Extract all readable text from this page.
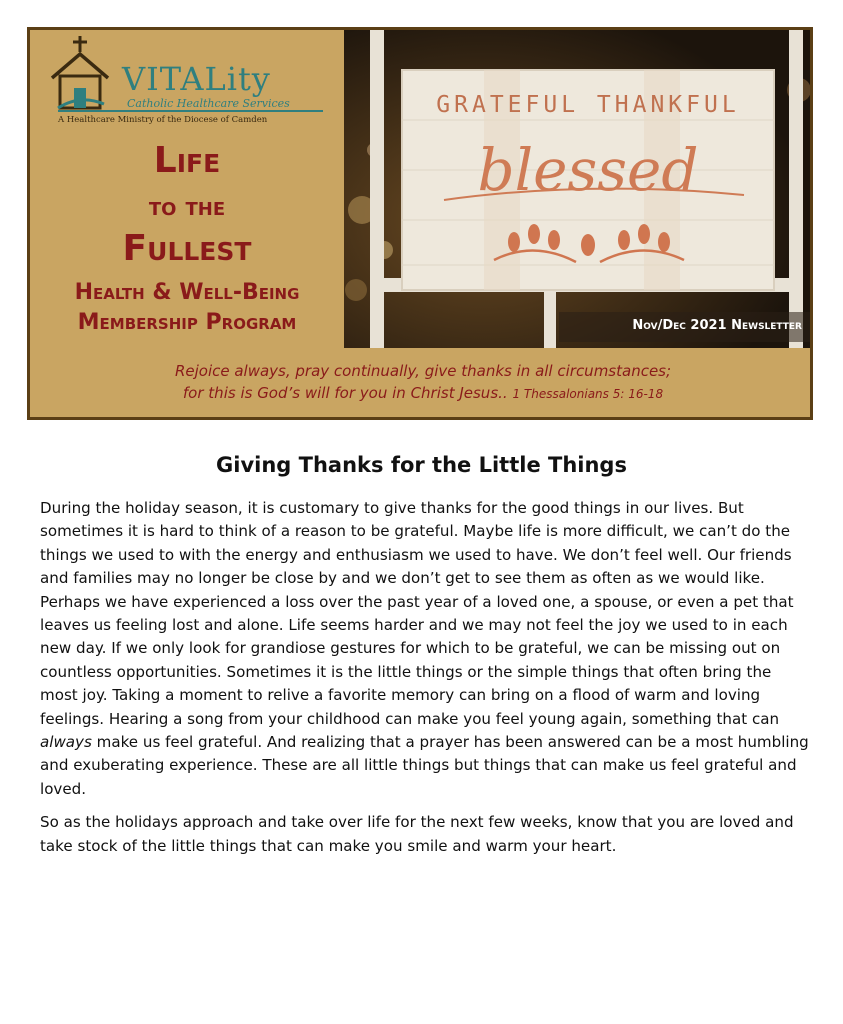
VITALity
Catholic Healthcare Services
A Healthcare Ministry of the Diocese of Camden
Life
to the
Fullest
Health & Well-Being
Membership Program
GRATEFUL THANKFUL
blessed
Nov/Dec 2021 Newsletter
Rejoice always, pray continually, give thanks in all circumstances;
for this is God’s will for you in Christ Jesus.. 1 Thessalonians 5: 16-18
Giving Thanks for the Little Things

During the holiday season, it is customary to give thanks for the good things in our lives. But sometimes it is hard to think of a reason to be grateful. Maybe life is more difficult, we can’t do the things we used to with the energy and enthusiasm we used to have. We don’t feel well. Our friends and families may no longer be close by and we don’t get to see them as often as we would like. Perhaps we have experienced a loss over the past year of a loved one, a spouse, or even a pet that leaves us feeling lost and alone. Life seems harder and we may not feel the joy we used to in each new day. If we only look for grandiose gestures for which to be grateful, we can be missing out on countless opportunities. Sometimes it is the little things or the simple things that often bring the most joy. Taking a moment to relive a favorite memory can bring on a flood of warm and loving feelings. Hearing a song from your childhood can make you feel young again, something that can always make us feel grateful. And realizing that a prayer has been answered can be a most humbling and exuberating experience. These are all little things but things that can make us feel grateful and loved.

So as the holidays approach and take over life for the next few weeks, know that you are loved and take stock of the little things that can make you smile and warm your heart.
